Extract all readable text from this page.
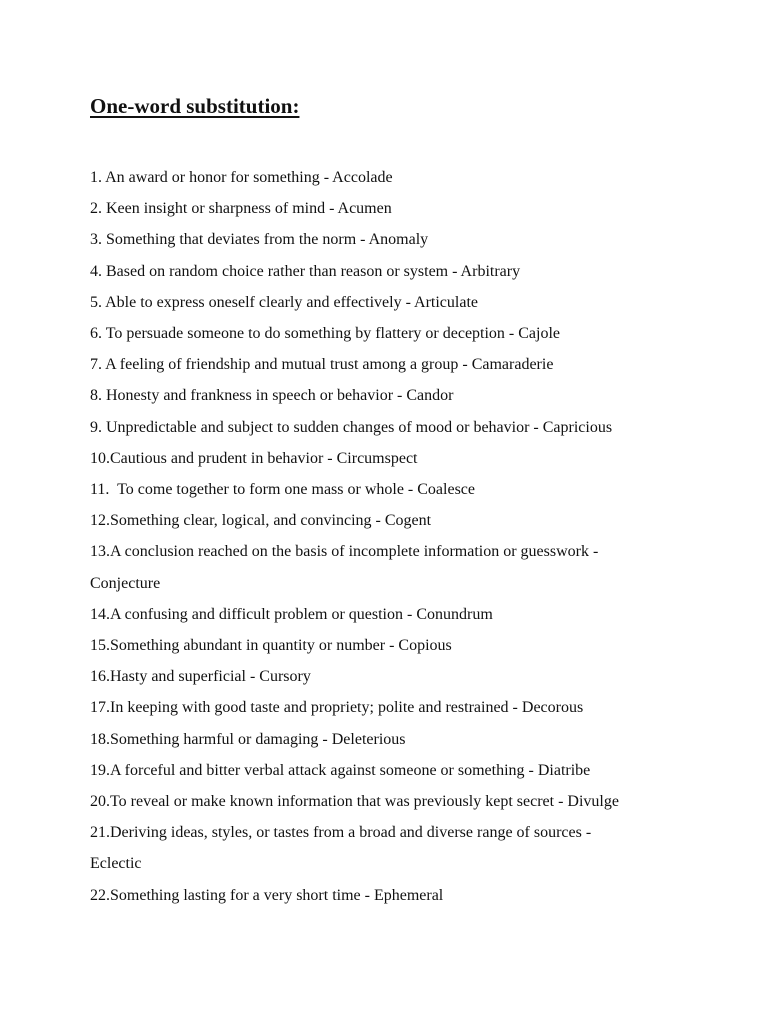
One-word substitution:
1. An award or honor for something - Accolade
2. Keen insight or sharpness of mind - Acumen
3. Something that deviates from the norm - Anomaly
4. Based on random choice rather than reason or system - Arbitrary
5. Able to express oneself clearly and effectively - Articulate
6. To persuade someone to do something by flattery or deception - Cajole
7. A feeling of friendship and mutual trust among a group - Camaraderie
8. Honesty and frankness in speech or behavior - Candor
9. Unpredictable and subject to sudden changes of mood or behavior - Capricious
10.Cautious and prudent in behavior - Circumspect
11.  To come together to form one mass or whole - Coalesce
12.Something clear, logical, and convincing - Cogent
13.A conclusion reached on the basis of incomplete information or guesswork -
Conjecture
14.A confusing and difficult problem or question - Conundrum
15.Something abundant in quantity or number - Copious
16.Hasty and superficial - Cursory
17.In keeping with good taste and propriety; polite and restrained - Decorous
18.Something harmful or damaging - Deleterious
19.A forceful and bitter verbal attack against someone or something - Diatribe
20.To reveal or make known information that was previously kept secret - Divulge
21.Deriving ideas, styles, or tastes from a broad and diverse range of sources -
Eclectic
22.Something lasting for a very short time - Ephemeral
